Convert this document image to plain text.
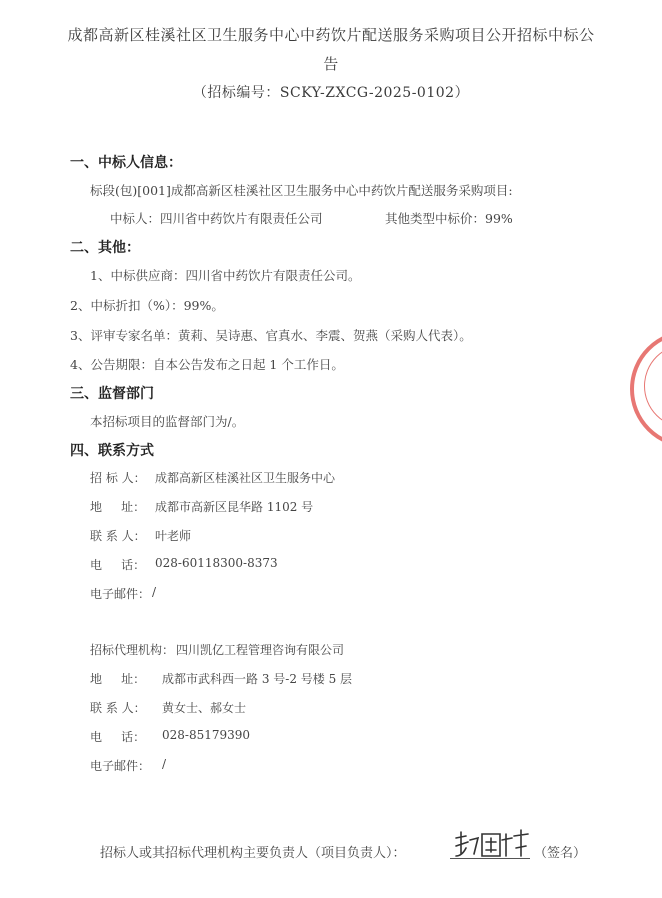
成都高新区桂溪社区卫生服务中心中药饮片配送服务采购项目公开招标中标公
告
（招标编号：SCKY-ZXCG-2025-0102）
一、中标人信息：
标段(包)[001]成都高新区桂溪社区卫生服务中心中药饮片配送服务采购项目:
中标人：四川省中药饮片有限责任公司	其他类型中标价：99%
二、其他：
1、中标供应商：四川省中药饮片有限责任公司。
2、中标折扣（%）：99%。
3、评审专家名单：黄莉、吴诗惠、官真水、李震、贺燕（采购人代表）。
4、公告期限：自本公告发布之日起 1 个工作日。
三、监督部门
本招标项目的监督部门为/。
四、联系方式
招 标 人： 成都高新区桂溪社区卫生服务中心
地     址： 成都市高新区昆华路 1102 号
联 系 人： 叶老师
电     话： 028-60118300-8373
电子邮件： /
招标代理机构： 四川凯亿工程管理咨询有限公司
地     址： 成都市武科西一路 3 号-2 号楼 5 层
联 系 人： 黄女士、郝女士
电     话： 028-85179390
电子邮件： /
招标人或其招标代理机构主要负责人（项目负责人）：	（签名）
